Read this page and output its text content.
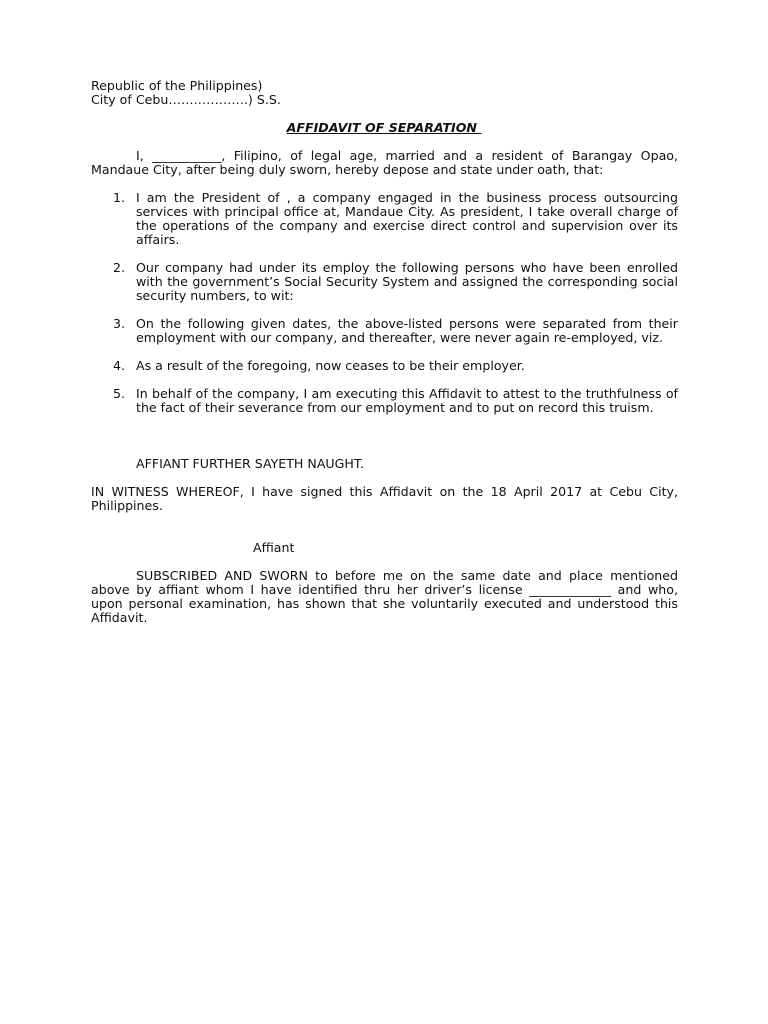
Republic of the Philippines)
City of Cebu……………….) S.S.
AFFIDAVIT OF SEPARATION

I, ___________, Filipino, of legal age, married and a resident of Barangay Opao, Mandaue City, after being duly sworn, hereby depose and state under oath, that:

1. I am the President of , a company engaged in the business process outsourcing services with principal office at, Mandaue City. As president, I take overall charge of the operations of the company and exercise direct control and supervision over its affairs.
2. Our company had under its employ the following persons who have been enrolled with the government’s Social Security System and assigned the corresponding social security numbers, to wit:
3. On the following given dates, the above-listed persons were separated from their employment with our company, and thereafter, were never again re-employed, viz.
4. As a result of the foregoing, now ceases to be their employer.
5. In behalf of the company, I am executing this Affidavit to attest to the truthfulness of the fact of their severance from our employment and to put on record this truism.

AFFIANT FURTHER SAYETH NAUGHT.

IN WITNESS WHEREOF, I have signed this Affidavit on the 18 April 2017 at Cebu City, Philippines.

Affiant

SUBSCRIBED AND SWORN to before me on the same date and place mentioned above by affiant whom I have identified thru her driver’s license _____________ and who, upon personal examination, has shown that she voluntarily executed and understood this Affidavit.
